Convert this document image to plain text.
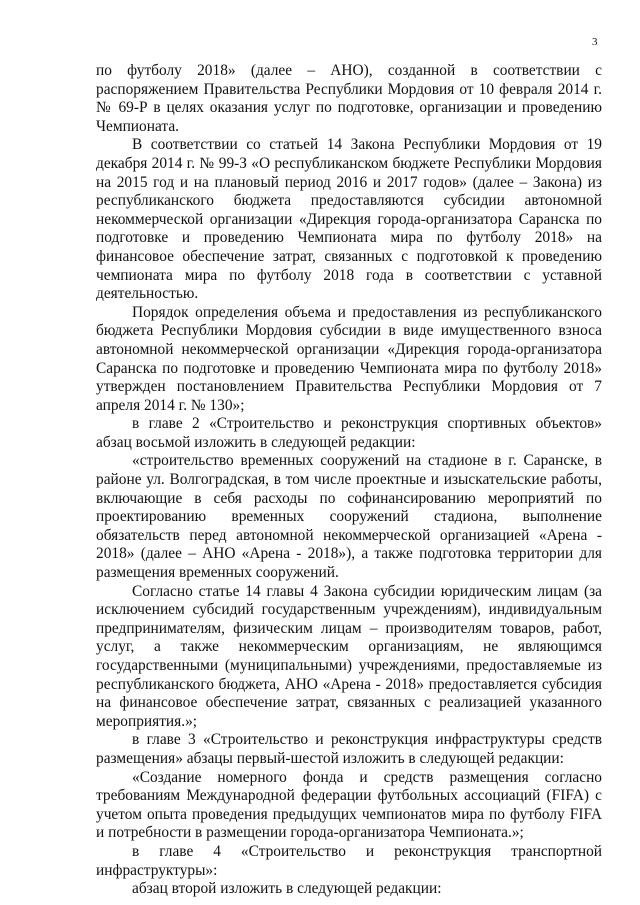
3

по футболу 2018» (далее – АНО), созданной в соответствии с распоряжением Правительства Республики Мордовия от 10 февраля 2014 г. № 69-Р в целях оказания услуг по подготовке, организации и проведению Чемпионата.

В соответствии со статьей 14 Закона Республики Мордовия от 19 декабря 2014 г. № 99-З «О республиканском бюджете Республики Мордовия на 2015 год и на плановый период 2016 и 2017 годов» (далее – Закона) из республиканского бюджета предоставляются субсидии автономной некоммерческой организации «Дирекция города-организатора Саранска по подготовке и проведению Чемпионата мира по футболу 2018» на финансовое обеспечение затрат, связанных с подготовкой к проведению чемпионата мира по футболу 2018 года в соответствии с уставной деятельностью.

Порядок определения объема и предоставления из республиканского бюджета Республики Мордовия субсидии в виде имущественного взноса автономной некоммерческой организации «Дирекция города-организатора Саранска по подготовке и проведению Чемпионата мира по футболу 2018» утвержден постановлением Правительства Республики Мордовия от 7 апреля 2014 г. № 130»;

в главе 2 «Строительство и реконструкция спортивных объектов» абзац восьмой изложить в следующей редакции:

«строительство временных сооружений на стадионе в г. Саранске, в районе ул. Волгоградская, в том числе проектные и изыскательские работы, включающие в себя расходы по софинансированию мероприятий по проектированию временных сооружений стадиона, выполнение обязательств перед автономной некоммерческой организацией «Арена - 2018» (далее – АНО «Арена - 2018»), а также подготовка территории для размещения временных сооружений.

Согласно статье 14 главы 4 Закона субсидии юридическим лицам (за исключением субсидий государственным учреждениям), индивидуальным предпринимателям, физическим лицам – производителям товаров, работ, услуг, а также некоммерческим организациям, не являющимся государственными (муниципальными) учреждениями, предоставляемые из республиканского бюджета, АНО «Арена - 2018» предоставляется субсидия на финансовое обеспечение затрат, связанных с реализацией указанного мероприятия.»;

в главе 3 «Строительство и реконструкция инфраструктуры средств размещения» абзацы первый-шестой изложить в следующей редакции:

«Создание номерного фонда и средств размещения согласно требованиям Международной федерации футбольных ассоциаций (FIFA) с учетом опыта проведения предыдущих чемпионатов мира по футболу FIFA и потребности в размещении города-организатора Чемпионата.»;

в главе 4 «Строительство и реконструкция транспортной инфраструктуры»:

абзац второй изложить в следующей редакции:
